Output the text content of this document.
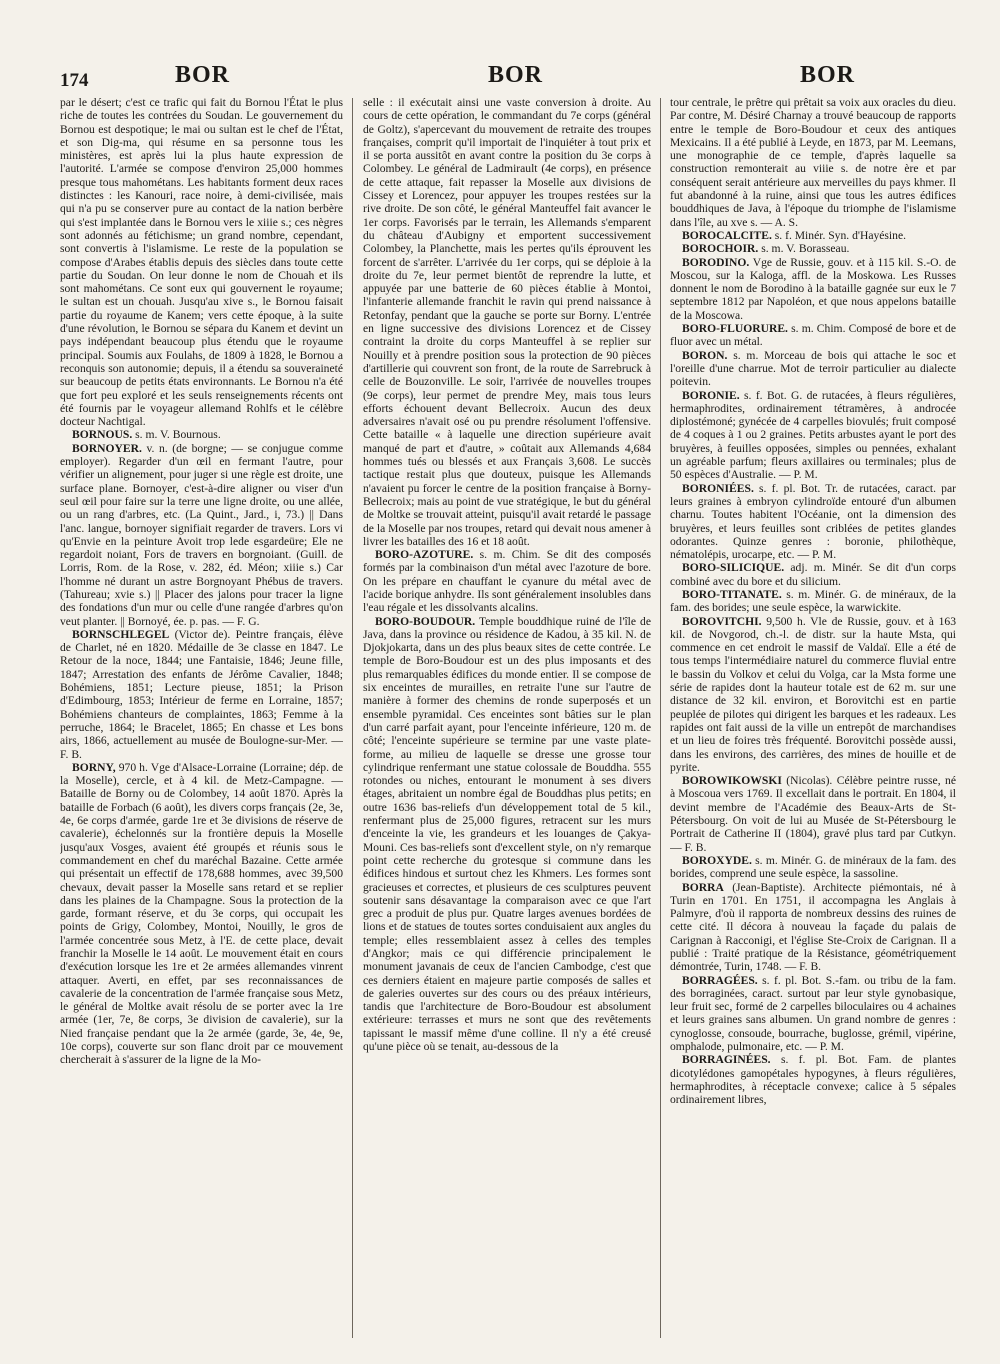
174	BOR	BOR	BOR

par le désert; c'est ce trafic qui fait du Bornou l'État le plus riche de toutes les contrées du Soudan. Le gouvernement du Bornou est despotique; le mai ou sultan est le chef de l'État, et son Dig-ma, qui résume en sa personne tous les ministères, est après lui la plus haute expression de l'autorité. L'armée se compose d'environ 25,000 hommes presque tous mahométans. Les habitants forment deux races distinctes : les Kanouri, race noire, à demi-civilisée, mais qui n'a pu se conserver pure au contact de la nation berbère qui s'est implantée dans le Bornou vers le xiiie s.; ces nègres sont adonnés au fétichisme; un grand nombre, cependant, sont convertis à l'islamisme. Le reste de la population se compose d'Arabes établis depuis des siècles dans toute cette partie du Soudan. On leur donne le nom de Chouah et ils sont mahométans. Ce sont eux qui gouvernent le royaume; le sultan est un chouah. Jusqu'au xive s., le Bornou faisait partie du royaume de Kanem; vers cette époque, à la suite d'une révolution, le Bornou se sépara du Kanem et devint un pays indépendant beaucoup plus étendu que le royaume principal. Soumis aux Foulahs, de 1809 à 1828, le Bornou a reconquis son autonomie; depuis, il a étendu sa souveraineté sur beaucoup de petits états environnants. Le Bornou n'a été que fort peu exploré et les seuls renseignements récents ont été fournis par le voyageur allemand Rohlfs et le célèbre docteur Nachtigal.

BORNOUS. s. m. V. Bournous.

BORNOYER. v. n. (de borgne; — se conjugue comme employer). Regarder d'un œil en fermant l'autre, pour vérifier un alignement, pour juger si une règle est droite, une surface plane. Bornoyer, c'est-à-dire aligner ou viser d'un seul œil pour faire sur la terre une ligne droite, ou une allée, ou un rang d'arbres, etc. (La Quint., Jard., i, 73.) || Dans l'anc. langue, bornoyer signifiait regarder de travers. Lors vi qu'Envie en la peinture Avoit trop lede esgardeüre; Ele ne regardoit noiant, Fors de travers en borgnoiant. (Guill. de Lorris, Rom. de la Rose, v. 282, éd. Méon; xiiie s.) Car l'homme né durant un astre Borgnoyant Phébus de travers. (Tahureau; xvie s.) || Placer des jalons pour tracer la ligne des fondations d'un mur ou celle d'une rangée d'arbres qu'on veut planter. || Bornoyé, ée. p. pas. — F. G.

BORNSCHLEGEL (Victor de). Peintre français, élève de Charlet, né en 1820. Médaille de 3e classe en 1847. Le Retour de la noce, 1844; une Fantaisie, 1846; Jeune fille, 1847; Arrestation des enfants de Jérôme Cavalier, 1848; Bohémiens, 1851; Lecture pieuse, 1851; la Prison d'Edimbourg, 1853; Intérieur de ferme en Lorraine, 1857; Bohémiens chanteurs de complaintes, 1863; Femme à la perruche, 1864; le Bracelet, 1865; En chasse et Les bons airs, 1866, actuellement au musée de Boulogne-sur-Mer. — F. B.

BORNY, 970 h. Vge d'Alsace-Lorraine (Lorraine; dép. de la Moselle), cercle, et à 4 kil. de Metz-Campagne. — Bataille de Borny ou de Colombey, 14 août 1870. Après la bataille de Forbach (6 août), les divers corps français (2e, 3e, 4e, 6e corps d'armée, garde 1re et 3e divisions de réserve de cavalerie), échelonnés sur la frontière depuis la Moselle jusqu'aux Vosges, avaient été groupés et réunis sous le commandement en chef du maréchal Bazaine. Cette armée qui présentait un effectif de 178,688 hommes, avec 39,500 chevaux, devait passer la Moselle sans retard et se replier dans les plaines de la Champagne. Sous la protection de la garde, formant réserve, et du 3e corps, qui occupait les points de Grigy, Colombey, Montoi, Nouilly, le gros de l'armée concentrée sous Metz, à l'E. de cette place, devait franchir la Moselle le 14 août. Le mouvement était en cours d'exécution lorsque les 1re et 2e armées allemandes vinrent attaquer. Averti, en effet, par ses reconnaissances de cavalerie de la concentration de l'armée française sous Metz, le général de Moltke avait résolu de se porter avec la 1re armée (1er, 7e, 8e corps, 3e division de cavalerie), sur la Nied française pendant que la 2e armée (garde, 3e, 4e, 9e, 10e corps), couverte sur son flanc droit par ce mouvement chercherait à s'assurer de la ligne de la Mo-

selle : il exécutait ainsi une vaste conversion à droite. Au cours de cette opération, le commandant du 7e corps (général de Goltz), s'apercevant du mouvement de retraite des troupes françaises, comprit qu'il importait de l'inquiéter à tout prix et il se porta aussitôt en avant contre la position du 3e corps à Colombey. Le général de Ladmirault (4e corps), en présence de cette attaque, fait repasser la Moselle aux divisions de Cissey et Lorencez, pour appuyer les troupes restées sur la rive droite. De son côté, le général Manteuffel fait avancer le 1er corps. Favorisés par le terrain, les Allemands s'emparent du château d'Aubigny et emportent successivement Colombey, la Planchette, mais les pertes qu'ils éprouvent les forcent de s'arrêter. L'arrivée du 1er corps, qui se déploie à la droite du 7e, leur permet bientôt de reprendre la lutte, et appuyée par une batterie de 60 pièces établie à Montoi, l'infanterie allemande franchit le ravin qui prend naissance à Retonfay, pendant que la gauche se porte sur Borny. L'entrée en ligne successive des divisions Lorencez et de Cissey contraint la droite du corps Manteuffel à se replier sur Nouilly et à prendre position sous la protection de 90 pièces d'artillerie qui couvrent son front, de la route de Sarrebruck à celle de Bouzonville. Le soir, l'arrivée de nouvelles troupes (9e corps), leur permet de prendre Mey, mais tous leurs efforts échouent devant Bellecroix. Aucun des deux adversaires n'avait osé ou pu prendre résolument l'offensive. Cette bataille « à laquelle une direction supérieure avait manqué de part et d'autre, » coûtait aux Allemands 4,684 hommes tués ou blessés et aux Français 3,608. Le succès tactique restait plus que douteux, puisque les Allemands n'avaient pu forcer le centre de la position française à Borny-Bellecroix; mais au point de vue stratégique, le but du général de Moltke se trouvait atteint, puisqu'il avait retardé le passage de la Moselle par nos troupes, retard qui devait nous amener à livrer les batailles des 16 et 18 août.

BORO-AZOTURE. s. m. Chim. Se dit des composés formés par la combinaison d'un métal avec l'azoture de bore. On les prépare en chauffant le cyanure du métal avec de l'acide borique anhydre. Ils sont généralement insolubles dans l'eau régale et les dissolvants alcalins.

BORO-BOUDOUR. Temple bouddhique ruiné de l'île de Java, dans la province ou résidence de Kadou, à 35 kil. N. de Djokjokarta, dans un des plus beaux sites de cette contrée. Le temple de Boro-Boudour est un des plus imposants et des plus remarquables édifices du monde entier. Il se compose de six enceintes de murailles, en retraite l'une sur l'autre de manière à former des chemins de ronde superposés et un ensemble pyramidal. Ces enceintes sont bâties sur le plan d'un carré parfait ayant, pour l'enceinte inférieure, 120 m. de côté; l'enceinte supérieure se termine par une vaste plate-forme, au milieu de laquelle se dresse une grosse tour cylindrique renfermant une statue colossale de Bouddha. 555 rotondes ou niches, entourant le monument à ses divers étages, abritaient un nombre égal de Bouddhas plus petits; en outre 1636 bas-reliefs d'un développement total de 5 kil., renfermant plus de 25,000 figures, retracent sur les murs d'enceinte la vie, les grandeurs et les louanges de Çakya-Mouni. Ces bas-reliefs sont d'excellent style, on n'y remarque point cette recherche du grotesque si commune dans les édifices hindous et surtout chez les Khmers. Les formes sont gracieuses et correctes, et plusieurs de ces sculptures peuvent soutenir sans désavantage la comparaison avec ce que l'art grec a produit de plus pur. Quatre larges avenues bordées de lions et de statues de toutes sortes conduisaient aux angles du temple; elles ressemblaient assez à celles des temples d'Angkor; mais ce qui différencie principalement le monument javanais de ceux de l'ancien Cambodge, c'est que ces derniers étaient en majeure partie composés de salles et de galeries ouvertes sur des cours ou des préaux intérieurs, tandis que l'architecture de Boro-Boudour est absolument extérieure: terrasses et murs ne sont que des revêtements tapissant le massif même d'une colline. Il n'y a été creusé qu'une pièce où se tenait, au-dessous de la

tour centrale, le prêtre qui prêtait sa voix aux oracles du dieu. Par contre, M. Désiré Charnay a trouvé beaucoup de rapports entre le temple de Boro-Boudour et ceux des antiques Mexicains. Il a été publié à Leyde, en 1873, par M. Leemans, une monographie de ce temple, d'après laquelle sa construction remonterait au viiie s. de notre ère et par conséquent serait antérieure aux merveilles du pays khmer. Il fut abandonné à la ruine, ainsi que tous les autres édifices bouddhiques de Java, à l'époque du triomphe de l'islamisme dans l'île, au xve s. — A. S.

BOROCALCITE. s. f. Minér. Syn. d'Hayésine.

BOROCHOIR. s. m. V. Borasseau.

BORODINO. Vge de Russie, gouv. et à 115 kil. S.-O. de Moscou, sur la Kaloga, affl. de la Moskowa. Les Russes donnent le nom de Borodino à la bataille gagnée sur eux le 7 septembre 1812 par Napoléon, et que nous appelons bataille de la Moscowa.

BORO-FLUORURE. s. m. Chim. Composé de bore et de fluor avec un métal.

BORON. s. m. Morceau de bois qui attache le soc et l'oreille d'une charrue. Mot de terroir particulier au dialecte poitevin.

BORONIE. s. f. Bot. G. de rutacées, à fleurs régulières, hermaphrodites, ordinairement tétramères, à androcée diplostémoné; gynécée de 4 carpelles biovulés; fruit composé de 4 coques à 1 ou 2 graines. Petits arbustes ayant le port des bruyères, à feuilles opposées, simples ou pennées, exhalant un agréable parfum; fleurs axillaires ou terminales; plus de 50 espèces d'Australie. — P. M.

BORONIÉES. s. f. pl. Bot. Tr. de rutacées, caract. par leurs graines à embryon cylindroïde entouré d'un albumen charnu. Toutes habitent l'Océanie, ont la dimension des bruyères, et leurs feuilles sont criblées de petites glandes odorantes. Quinze genres : boronie, philothèque, nématolépis, urocarpe, etc. — P. M.

BORO-SILICIQUE. adj. m. Minér. Se dit d'un corps combiné avec du bore et du silicium.

BORO-TITANATE. s. m. Minér. G. de minéraux, de la fam. des borides; une seule espèce, la warwickite.

BOROVITCHI. 9,500 h. Vle de Russie, gouv. et à 163 kil. de Novgorod, ch.-l. de distr. sur la haute Msta, qui commence en cet endroit le massif de Valdaï. Elle a été de tous temps l'intermédiaire naturel du commerce fluvial entre le bassin du Volkov et celui du Volga, car la Msta forme une série de rapides dont la hauteur totale est de 62 m. sur une distance de 32 kil. environ, et Borovitchi est en partie peuplée de pilotes qui dirigent les barques et les radeaux. Les rapides ont fait aussi de la ville un entrepôt de marchandises et un lieu de foires très fréquenté. Borovitchi possède aussi, dans les environs, des carrières, des mines de houille et de pyrite.

BOROWIKOWSKI (Nicolas). Célèbre peintre russe, né à Moscoua vers 1769. Il excellait dans le portrait. En 1804, il devint membre de l'Académie des Beaux-Arts de St-Pétersbourg. On voit de lui au Musée de St-Pétersbourg le Portrait de Catherine II (1804), gravé plus tard par Cutkyn. — F. B.

BOROXYDE. s. m. Minér. G. de minéraux de la fam. des borides, comprend une seule espèce, la sassoline.

BORRA (Jean-Baptiste). Architecte piémontais, né à Turin en 1701. En 1751, il accompagna les Anglais à Palmyre, d'où il rapporta de nombreux dessins des ruines de cette cité. Il décora à nouveau la façade du palais de Carignan à Racconigi, et l'église Ste-Croix de Carignan. Il a publié : Traité pratique de la Résistance, géométriquement démontrée, Turin, 1748. — F. B.

BORRAGÉES. s. f. pl. Bot. S.-fam. ou tribu de la fam. des borraginées, caract. surtout par leur style gynobasique, leur fruit sec, formé de 2 carpelles biloculaires ou 4 achaines et leurs graines sans albumen. Un grand nombre de genres : cynoglosse, consoude, bourrache, buglosse, grémil, vipérine, omphalode, pulmonaire, etc. — P. M.

BORRAGINÉES. s. f. pl. Bot. Fam. de plantes dicotylédones gamopétales hypogynes, à fleurs régulières, hermaphrodites, à réceptacle convexe; calice à 5 sépales ordinairement libres,
